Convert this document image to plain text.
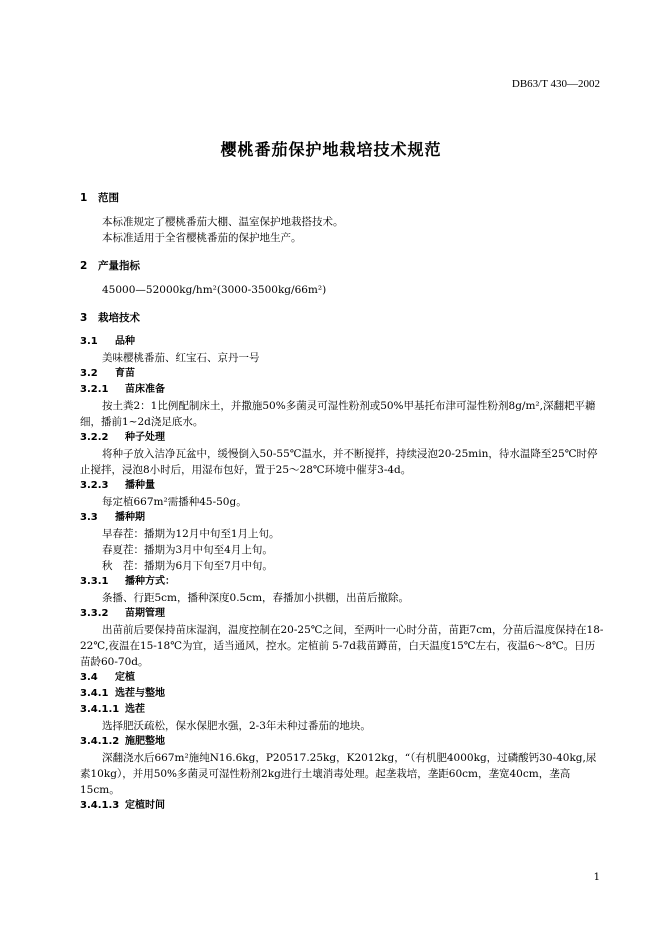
DB63/T 430—2002
樱桃番茄保护地栽培技术规范
1 范围
本标准规定了樱桃番茄大棚、温室保护地栽搭技术。
本标准适用于全省樱桃番茄的保护地生产。
2 产量指标
45000—52000kg/hm²(3000-3500kg/66m²)
3 栽培技术
3.1 品种
美味樱桃番茄、红宝石、京丹一号
3.2 育苗
3.2.1 苗床准备
按土粪2：1比例配制床土，并撒施50%多菌灵可湿性粉剂或50%甲基托布津可湿性粉剂8g/m²,深翻耙平耱细，播前1~2d浇足底水。
3.2.2 种子处理
将种子放入洁净瓦盆中，缓慢倒入50-55℃温水，并不断搅拌，持续浸泡20-25min，待水温降至25℃时停止搅拌，浸泡8小时后，用湿布包好，置于25～28℃环境中催芽3-4d。
3.2.3 播种量
每定植667m²需播种45-50g。
3.3 播种期
早春茬：播期为12月中旬至1月上旬。
春夏茬：播期为3月中旬至4月上旬。
秋　茬：播期为6月下旬至7月中旬。
3.3.1 播种方式：
条播、行距5cm，播种深度0.5cm，春播加小拱棚，出苗后撤除。
3.3.2 苗期管理
出苗前后要保持苗床湿润，温度控制在20-25℃之间，至两叶一心时分苗，苗距7cm，分苗后温度保持在18-22℃,夜温在15-18℃为宜，适当通风，控水。定植前 5-7d栽苗蹲苗，白天温度15℃左右，夜温6～8℃。日历苗龄60-70d。
3.4 定植
3.4.1 选茬与整地
3.4.1.1 选茬
选择肥沃疏松，保水保肥水强，2-3年未种过番茄的地块。
3.4.1.2 施肥整地
深翻浇水后667m²施纯N16.6kg，P20517.25kg，K2012kg，“（有机肥4000kg，过磷酸钙30-40kg,尿素10kg），并用50%多菌灵可湿性粉剂2kg进行土壤消毒处理。起垄栽培，垄距60cm，垄宽40cm，垄高15cm。
3.4.1.3 定植时间
1
